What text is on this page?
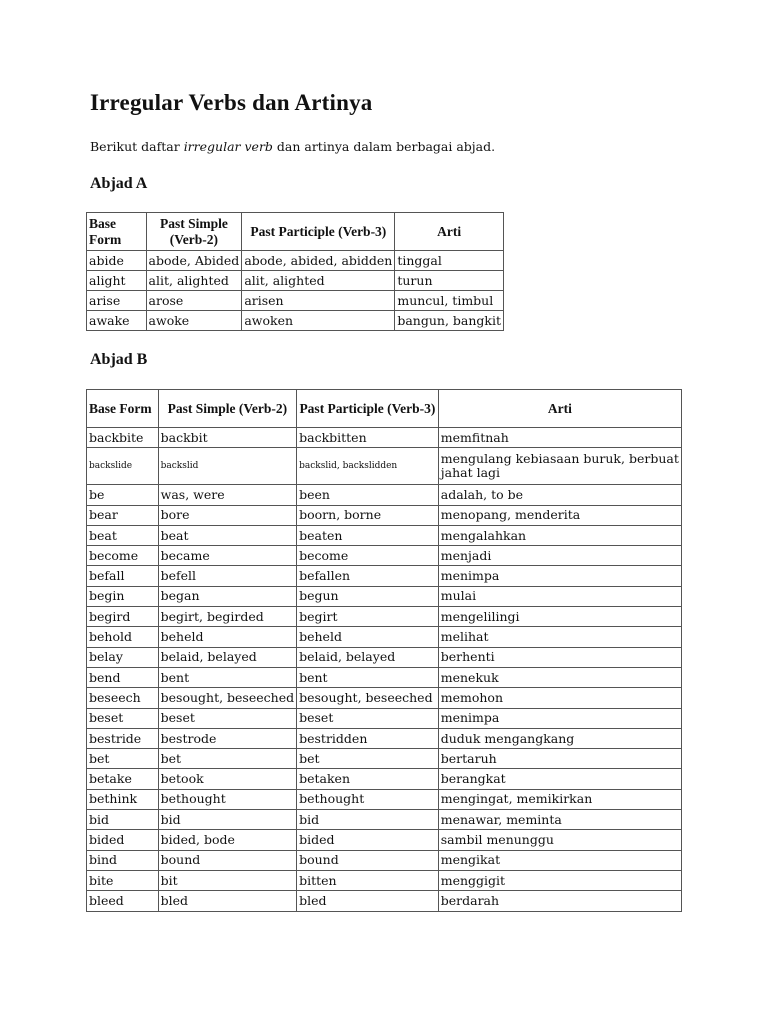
Irregular Verbs dan Artinya

Berikut daftar irregular verb dan artinya dalam berbagai abjad.

Abjad A
Base Form	Past Simple (Verb-2)	Past Participle (Verb-3)	Arti
abide	abode, Abided	abode, abided, abidden	tinggal
alight	alit, alighted	alit, alighted	turun
arise	arose	arisen	muncul, timbul
awake	awoke	awoken	bangun, bangkit
Abjad B
Base Form	Past Simple (Verb-2)	Past Participle (Verb-3)	Arti
backbite	backbit	backbitten	memfitnah
backslide	backslid	backslid, backslidden	mengulang kebiasaan buruk, berbuat jahat lagi
be	was, were	been	adalah, to be
bear	bore	boorn, borne	menopang, menderita
beat	beat	beaten	mengalahkan
become	became	become	menjadi
befall	befell	befallen	menimpa
begin	began	begun	mulai
begird	begirt, begirded	begirt	mengelilingi
behold	beheld	beheld	melihat
belay	belaid, belayed	belaid, belayed	berhenti
bend	bent	bent	menekuk
beseech	besought, beseeched	besought, beseeched	memohon
beset	beset	beset	menimpa
bestride	bestrode	bestridden	duduk mengangkang
bet	bet	bet	bertaruh
betake	betook	betaken	berangkat
bethink	bethought	bethought	mengingat, memikirkan
bid	bid	bid	menawar, meminta
bided	bided, bode	bided	sambil menunggu
bind	bound	bound	mengikat
bite	bit	bitten	menggigit
bleed	bled	bled	berdarah
